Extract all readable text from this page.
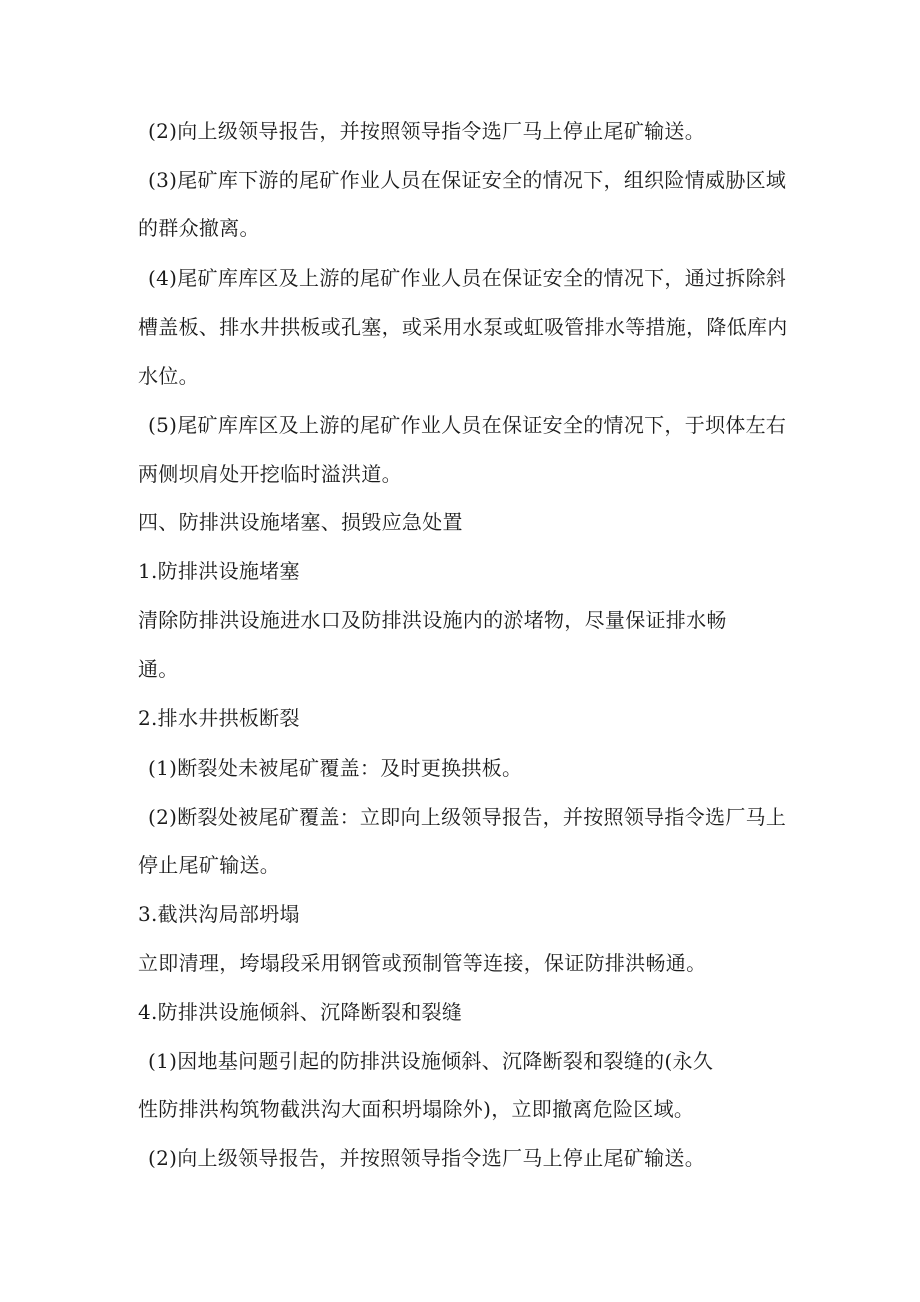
(2)向上级领导报告，并按照领导指令选厂马上停止尾矿输送。
(3)尾矿库下游的尾矿作业人员在保证安全的情况下，组织险情威胁区域
的群众撤离。
(4)尾矿库库区及上游的尾矿作业人员在保证安全的情况下，通过拆除斜
槽盖板、排水井拱板或孔塞，或采用水泵或虹吸管排水等措施，降低库内
水位。
(5)尾矿库库区及上游的尾矿作业人员在保证安全的情况下，于坝体左右
两侧坝肩处开挖临时溢洪道。
四、防排洪设施堵塞、损毁应急处置
1.防排洪设施堵塞
清除防排洪设施进水口及防排洪设施内的淤堵物，尽量保证排水畅
通。
2.排水井拱板断裂
(1)断裂处未被尾矿覆盖：及时更换拱板。
(2)断裂处被尾矿覆盖：立即向上级领导报告，并按照领导指令选厂马上
停止尾矿输送。
3.截洪沟局部坍塌
立即清理，垮塌段采用钢管或预制管等连接，保证防排洪畅通。
4.防排洪设施倾斜、沉降断裂和裂缝
(1)因地基问题引起的防排洪设施倾斜、沉降断裂和裂缝的(永久
性防排洪构筑物截洪沟大面积坍塌除外)，立即撤离危险区域。
(2)向上级领导报告，并按照领导指令选厂马上停止尾矿输送。
